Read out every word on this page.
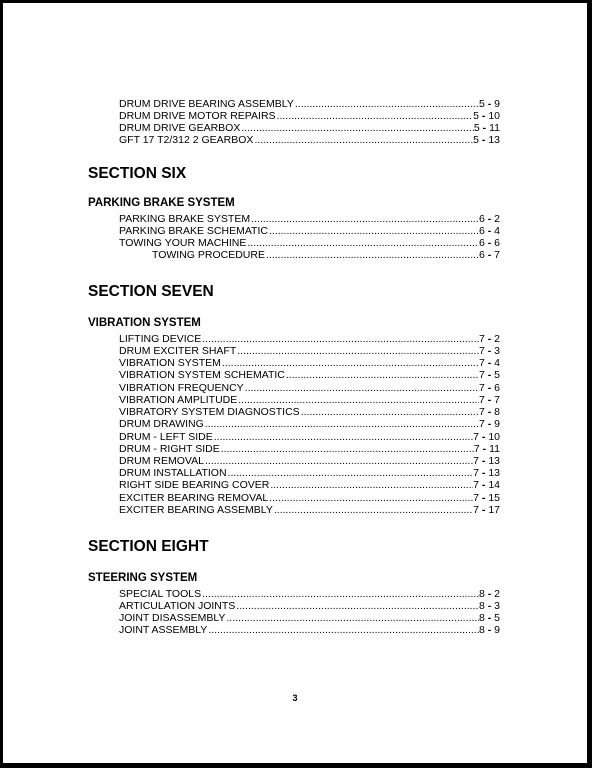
DRUM DRIVE BEARING ASSEMBLY .....	5 - 9
DRUM DRIVE MOTOR REPAIRS .....	5 - 10
DRUM DRIVE GEARBOX .....	5 - 11
GFT 17 T2/312 2 GEARBOX .....	5 - 13
SECTION SIX
PARKING BRAKE SYSTEM
PARKING BRAKE SYSTEM .....	6 - 2
PARKING BRAKE SCHEMATIC .....	6 - 4
TOWING YOUR MACHINE .....	6 - 6
TOWING PROCEDURE .....	6 - 7
SECTION SEVEN
VIBRATION SYSTEM
LIFTING DEVICE .....	7 - 2
DRUM EXCITER SHAFT .....	7 - 3
VIBRATION SYSTEM .....	7 - 4
VIBRATION SYSTEM SCHEMATIC .....	7 - 5
VIBRATION FREQUENCY .....	7 - 6
VIBRATION AMPLITUDE .....	7 - 7
VIBRATORY SYSTEM DIAGNOSTICS .....	7 - 8
DRUM DRAWING .....	7 - 9
DRUM - LEFT SIDE .....	7 - 10
DRUM - RIGHT SIDE .....	7 - 11
DRUM REMOVAL .....	7 - 13
DRUM INSTALLATION .....	7 - 13
RIGHT SIDE BEARING COVER .....	7 - 14
EXCITER BEARING REMOVAL .....	7 - 15
EXCITER BEARING ASSEMBLY .....	7 - 17
SECTION EIGHT
STEERING SYSTEM
SPECIAL TOOLS .....	8 - 2
ARTICULATION JOINTS .....	8 - 3
JOINT DISASSEMBLY .....	8 - 5
JOINT ASSEMBLY .....	8 - 9
3
